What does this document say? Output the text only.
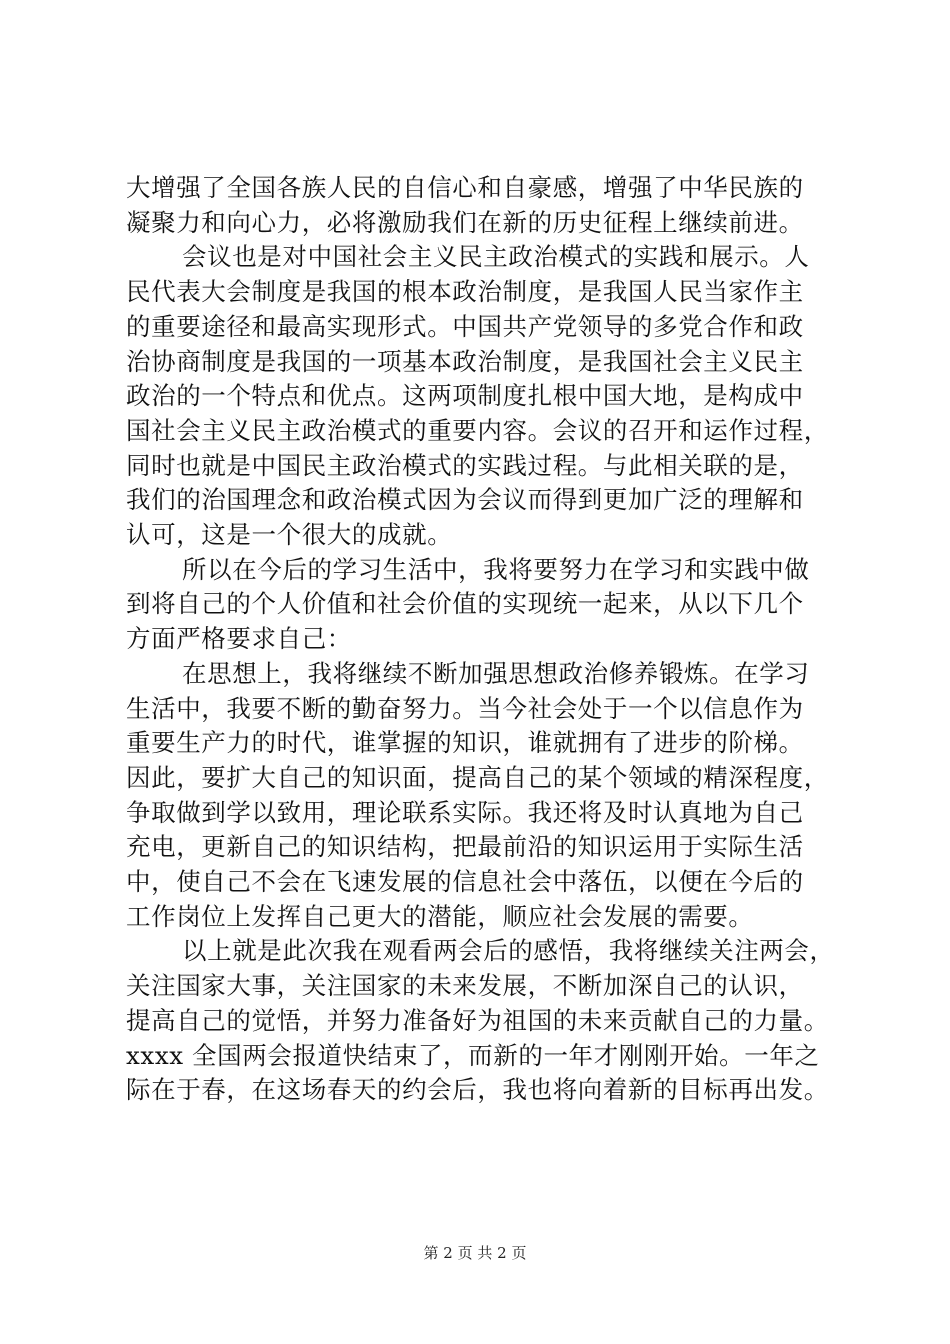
大增强了全国各族人民的自信心和自豪感，增强了中华民族的
凝聚力和向心力，必将激励我们在新的历史征程上继续前进。
会议也是对中国社会主义民主政治模式的实践和展示。人
民代表大会制度是我国的根本政治制度，是我国人民当家作主
的重要途径和最高实现形式。中国共产党领导的多党合作和政
治协商制度是我国的一项基本政治制度，是我国社会主义民主
政治的一个特点和优点。这两项制度扎根中国大地，是构成中
国社会主义民主政治模式的重要内容。会议的召开和运作过程，
同时也就是中国民主政治模式的实践过程。与此相关联的是，
我们的治国理念和政治模式因为会议而得到更加广泛的理解和
认可，这是一个很大的成就。
所以在今后的学习生活中，我将要努力在学习和实践中做
到将自己的个人价值和社会价值的实现统一起来，从以下几个
方面严格要求自己：
在思想上，我将继续不断加强思想政治修养锻炼。在学习
生活中，我要不断的勤奋努力。当今社会处于一个以信息作为
重要生产力的时代，谁掌握的知识，谁就拥有了进步的阶梯。
因此，要扩大自己的知识面，提高自己的某个领域的精深程度，
争取做到学以致用，理论联系实际。我还将及时认真地为自己
充电，更新自己的知识结构，把最前沿的知识运用于实际生活
中，使自己不会在飞速发展的信息社会中落伍，以便在今后的
工作岗位上发挥自己更大的潜能，顺应社会发展的需要。
以上就是此次我在观看两会后的感悟，我将继续关注两会，
关注国家大事，关注国家的未来发展，不断加深自己的认识，
提高自己的觉悟，并努力准备好为祖国的未来贡献自己的力量。
xxxx 全国两会报道快结束了，而新的一年才刚刚开始。一年之
际在于春，在这场春天的约会后，我也将向着新的目标再出发。
第 2 页 共 2 页
